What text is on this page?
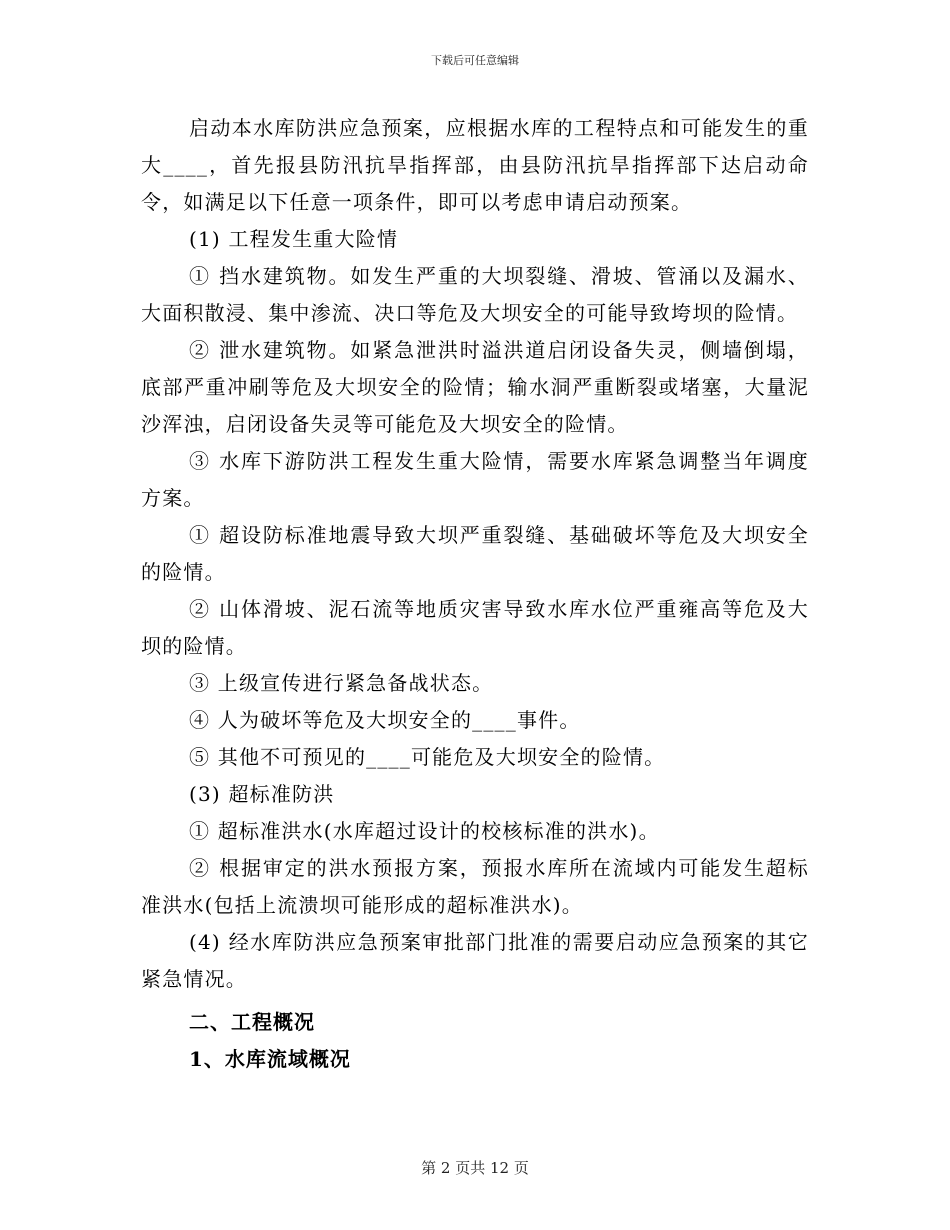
下载后可任意编辑

启动本水库防洪应急预案，应根据水库的工程特点和可能发生的重大____，首先报县防汛抗旱指挥部，由县防汛抗旱指挥部下达启动命令，如满足以下任意一项条件，即可以考虑申请启动预案。

(1) 工程发生重大险情

① 挡水建筑物。如发生严重的大坝裂缝、滑坡、管涌以及漏水、大面积散浸、集中渗流、决口等危及大坝安全的可能导致垮坝的险情。

② 泄水建筑物。如紧急泄洪时溢洪道启闭设备失灵，侧墙倒塌，底部严重冲刷等危及大坝安全的险情；输水洞严重断裂或堵塞，大量泥沙浑浊，启闭设备失灵等可能危及大坝安全的险情。

③ 水库下游防洪工程发生重大险情，需要水库紧急调整当年调度方案。

① 超设防标准地震导致大坝严重裂缝、基础破坏等危及大坝安全的险情。

② 山体滑坡、泥石流等地质灾害导致水库水位严重雍高等危及大坝的险情。

③ 上级宣传进行紧急备战状态。

④ 人为破坏等危及大坝安全的____事件。

⑤ 其他不可预见的____可能危及大坝安全的险情。

(3) 超标准防洪

① 超标准洪水(水库超过设计的校核标准的洪水)。

② 根据审定的洪水预报方案，预报水库所在流域内可能发生超标准洪水(包括上流溃坝可能形成的超标准洪水)。

(4) 经水库防洪应急预案审批部门批准的需要启动应急预案的其它紧急情况。

二、工程概况

1、水库流域概况

第 2 页共 12 页
